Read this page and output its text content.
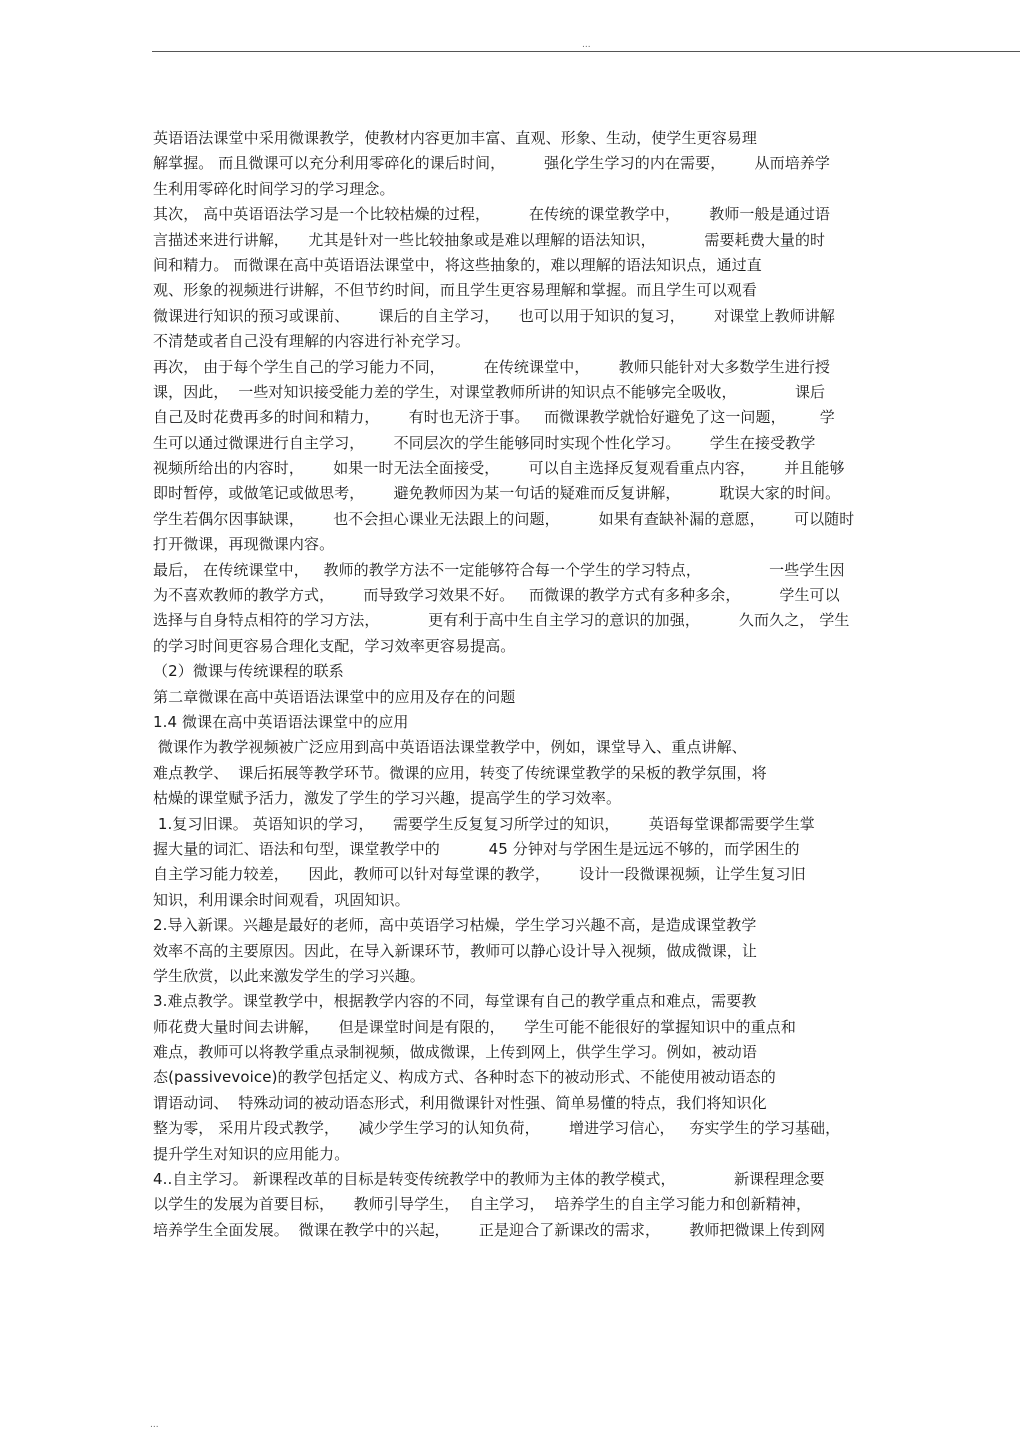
...
英语语法课堂中采用微课教学，使教材内容更加丰富、直观、形象、生动，使学生更容易理
解掌握。 而且微课可以充分利用零碎化的课后时间，        强化学生学习的内在需要，      从而培养学
生利用零碎化时间学习的学习理念。
其次， 高中英语语法学习是一个比较枯燥的过程，        在传统的课堂教学中，      教师一般是通过语
言描述来进行讲解，    尤其是针对一些比较抽象或是难以理解的语法知识，          需要耗费大量的时
间和精力。 而微课在高中英语语法课堂中，将这些抽象的，难以理解的语法知识点，通过直
观、形象的视频进行讲解，不但节约时间，而且学生更容易理解和掌握。而且学生可以观看
微课进行知识的预习或课前、      课后的自主学习，    也可以用于知识的复习，      对课堂上教师讲解
不清楚或者自己没有理解的内容进行补充学习。
再次， 由于每个学生自己的学习能力不同，        在传统课堂中，      教师只能针对大多数学生进行授
课，因此，  一些对知识接受能力差的学生，对课堂教师所讲的知识点不能够完全吸收，            课后
自己及时花费再多的时间和精力，      有时也无济于事。   而微课教学就恰好避免了这一问题，       学
生可以通过微课进行自主学习，      不同层次的学生能够同时实现个性化学习。      学生在接受教学
视频所给出的内容时，      如果一时无法全面接受，      可以自主选择反复观看重点内容，      并且能够
即时暂停，或做笔记或做思考，      避免教师因为某一句话的疑难而反复讲解，        耽误大家的时间。
学生若偶尔因事缺课，      也不会担心课业无法跟上的问题，        如果有查缺补漏的意愿，      可以随时
打开微课，再现微课内容。
最后， 在传统课堂中，   教师的教学方法不一定能够符合每一个学生的学习特点，              一些学生因
为不喜欢教师的教学方式，      而导致学习效果不好。   而微课的教学方式有多种多余，        学生可以
选择与自身特点相符的学习方法，          更有利于高中生自主学习的意识的加强，        久而久之， 学生
的学习时间更容易合理化支配，学习效率更容易提高。
（2）微课与传统课程的联系
第二章微课在高中英语语法课堂中的应用及存在的问题
1.4 微课在高中英语语法课堂中的应用
微课作为教学视频被广泛应用到高中英语语法课堂教学中，例如，课堂导入、重点讲解、
难点教学、  课后拓展等教学环节。微课的应用，转变了传统课堂教学的呆板的教学氛围，将
枯燥的课堂赋予活力，激发了学生的学习兴趣，提高学生的学习效率。
1.复习旧课。 英语知识的学习，    需要学生反复复习所学过的知识，      英语每堂课都需要学生掌
握大量的词汇、语法和句型，课堂教学中的          45 分钟对与学困生是远远不够的，而学困生的
自主学习能力较差，    因此，教师可以针对每堂课的教学，      设计一段微课视频，让学生复习旧
知识，利用课余时间观看，巩固知识。
2.导入新课。兴趣是最好的老师，高中英语学习枯燥，学生学习兴趣不高，是造成课堂教学
效率不高的主要原因。因此，在导入新课环节，教师可以静心设计导入视频，做成微课，让
学生欣赏，以此来激发学生的学习兴趣。
3.难点教学。课堂教学中，根据教学内容的不同，每堂课有自己的教学重点和难点，需要教
师花费大量时间去讲解，    但是课堂时间是有限的，    学生可能不能很好的掌握知识中的重点和
难点，教师可以将教学重点录制视频，做成微课，上传到网上，供学生学习。例如，被动语
态(passivevoice)的教学包括定义、构成方式、各种时态下的被动形式、不能使用被动语态的
谓语动词、  特殊动词的被动语态形式，利用微课针对性强、简单易懂的特点，我们将知识化
整为零， 采用片段式教学，    减少学生学习的认知负荷，      增进学习信心，   夯实学生的学习基础，
提升学生对知识的应用能力。
4..自主学习。 新课程改革的目标是转变传统教学中的教师为主体的教学模式，            新课程理念要
以学生的发展为首要目标，    教师引导学生，  自主学习，  培养学生的自主学习能力和创新精神，
培养学生全面发展。  微课在教学中的兴起，      正是迎合了新课改的需求，      教师把微课上传到网
...
